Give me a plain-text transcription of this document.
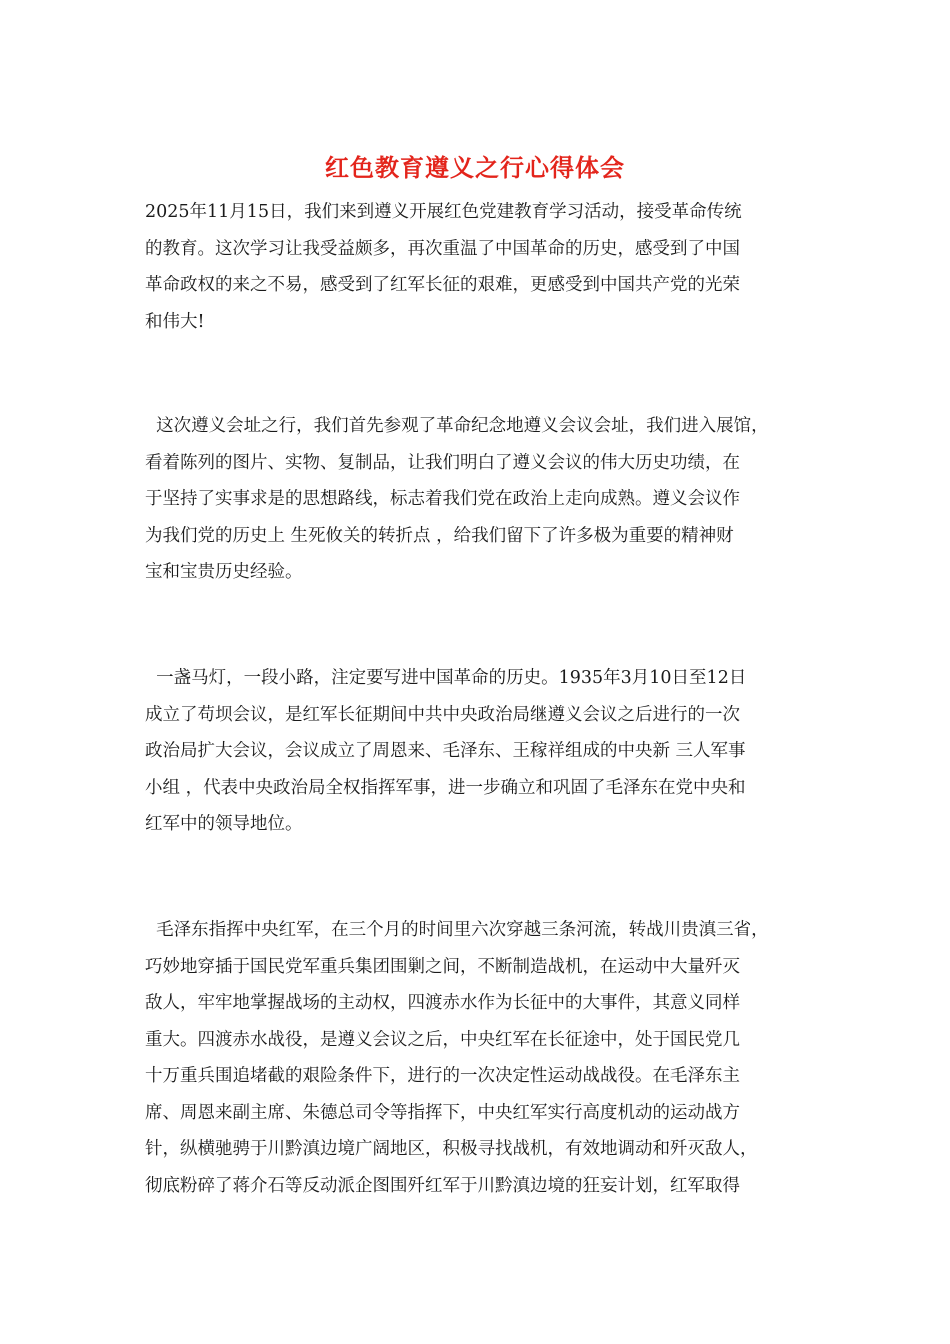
红色教育遵义之行心得体会
2025年11月15日，我们来到遵义开展红色党建教育学习活动，接受革命传统
的教育。这次学习让我受益颇多，再次重温了中国革命的历史，感受到了中国
革命政权的来之不易，感受到了红军长征的艰难，更感受到中国共产党的光荣
和伟大!
这次遵义会址之行，我们首先参观了革命纪念地遵义会议会址，我们进入展馆，
看着陈列的图片、实物、复制品，让我们明白了遵义会议的伟大历史功绩，在
于坚持了实事求是的思想路线，标志着我们党在政治上走向成熟。遵义会议作
为我们党的历史上 生死攸关的转折点 ，给我们留下了许多极为重要的精神财
宝和宝贵历史经验。
一盏马灯，一段小路，注定要写进中国革命的历史。1935年3月10日至12日
成立了苟坝会议，是红军长征期间中共中央政治局继遵义会议之后进行的一次
政治局扩大会议，会议成立了周恩来、毛泽东、王稼祥组成的中央新 三人军事
小组 ，代表中央政治局全权指挥军事，进一步确立和巩固了毛泽东在党中央和
红军中的领导地位。
毛泽东指挥中央红军，在三个月的时间里六次穿越三条河流，转战川贵滇三省，
巧妙地穿插于国民党军重兵集团围剿之间，不断制造战机，在运动中大量歼灭
敌人，牢牢地掌握战场的主动权，四渡赤水作为长征中的大事件，其意义同样
重大。四渡赤水战役，是遵义会议之后，中央红军在长征途中，处于国民党几
十万重兵围追堵截的艰险条件下，进行的一次决定性运动战战役。在毛泽东主
席、周恩来副主席、朱德总司令等指挥下，中央红军实行高度机动的运动战方
针，纵横驰骋于川黔滇边境广阔地区，积极寻找战机，有效地调动和歼灭敌人，
彻底粉碎了蒋介石等反动派企图围歼红军于川黔滇边境的狂妄计划，红军取得
